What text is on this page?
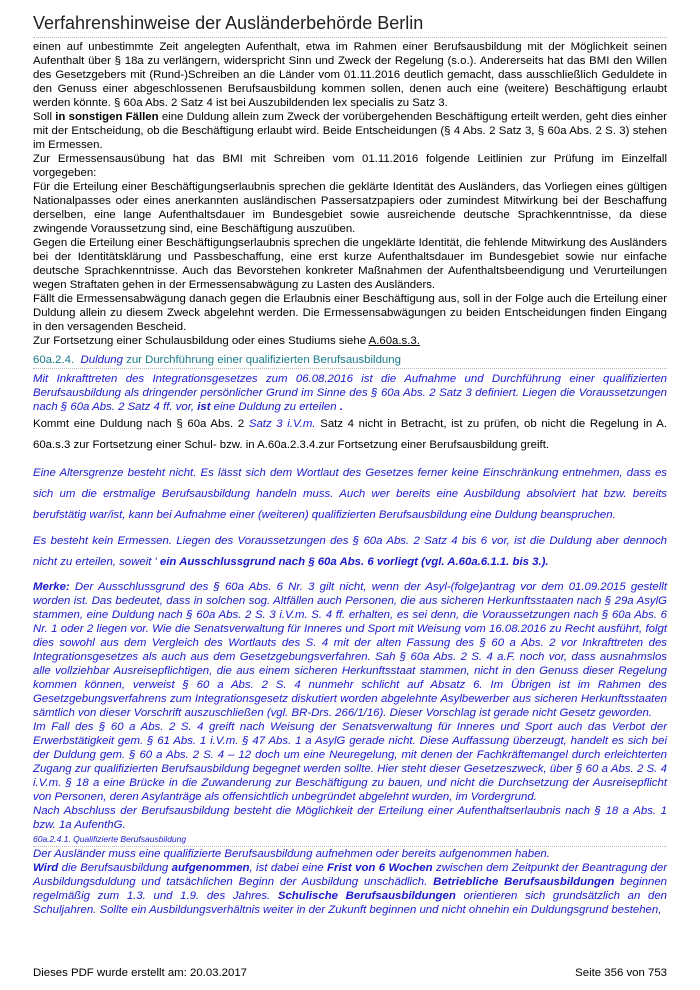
Verfahrenshinweise der Ausländerbehörde Berlin

einen auf unbestimmte Zeit angelegten Aufenthalt, etwa im Rahmen einer Berufsausbildung mit der Möglichkeit seinen Aufenthalt über § 18a zu verlängern, widerspricht Sinn und Zweck der Regelung (s.o.). Andererseits hat das BMI den Willen des Gesetzgebers mit (Rund-)Schreiben an die Länder vom 01.11.2016 deutlich gemacht, dass ausschließlich Geduldete in den Genuss einer abgeschlossenen Berufsausbildung kommen sollen, denen auch eine (weitere) Beschäftigung erlaubt werden könnte. § 60a Abs. 2 Satz 4 ist bei Auszubildenden lex specialis zu Satz 3.

Soll in sonstigen Fällen eine Duldung allein zum Zweck der vorübergehenden Beschäftigung erteilt werden, geht dies einher mit der Entscheidung, ob die Beschäftigung erlaubt wird. Beide Entscheidungen (§ 4 Abs. 2 Satz 3, § 60a Abs. 2 S. 3) stehen im Ermessen.

Zur Ermessensausübung hat das BMI mit Schreiben vom 01.11.2016 folgende Leitlinien zur Prüfung im Einzelfall vorgegeben:

Für die Erteilung einer Beschäftigungserlaubnis sprechen die geklärte Identität des Ausländers, das Vorliegen eines gültigen Nationalpasses oder eines anerkannten ausländischen Passersatzpapiers oder zumindest Mitwirkung bei der Beschaffung derselben, eine lange Aufenthaltsdauer im Bundesgebiet sowie ausreichende deutsche Sprachkenntnisse, da diese zwingende Voraussetzung sind, eine Beschäftigung auszuüben.

Gegen die Erteilung einer Beschäftigungserlaubnis sprechen die ungeklärte Identität, die fehlende Mitwirkung des Ausländers bei der Identitätsklärung und Passbeschaffung, eine erst kurze Aufenthaltsdauer im Bundesgebiet sowie nur einfache deutsche Sprachkenntnisse. Auch das Bevorstehen konkreter Maßnahmen der Aufenthaltsbeendigung und Verurteilungen wegen Straftaten gehen in der Ermessensabwägung zu Lasten des Ausländers.

Fällt die Ermessensabwägung danach gegen die Erlaubnis einer Beschäftigung aus, soll in der Folge auch die Erteilung einer Duldung allein zu diesem Zweck abgelehnt werden. Die Ermessensabwägungen zu beiden Entscheidungen finden Eingang in den versagenden Bescheid.

Zur Fortsetzung einer Schulausbildung oder eines Studiums siehe A.60a.s.3.

60a.2.4. Duldung zur Durchführung einer qualifizierten Berufsausbildung

Mit Inkrafttreten des Integrationsgesetzes zum 06.08.2016 ist die Aufnahme und Durchführung einer qualifizierten Berufsausbildung als dringender persönlicher Grund im Sinne des § 60a Abs. 2 Satz 3 definiert. Liegen die Voraussetzungen nach § 60a Abs. 2 Satz 4 ff. vor, ist eine Duldung zu erteilen .

Kommt eine Duldung nach § 60a Abs. 2 Satz 3 i.V.m. Satz 4 nicht in Betracht, ist zu prüfen, ob nicht die Regelung in A. 60a.s.3 zur Fortsetzung einer Schul- bzw. in A.60a.2.3.4.zur Fortsetzung einer Berufsausbildung greift.

Eine Altersgrenze besteht nicht. Es lässt sich dem Wortlaut des Gesetzes ferner keine Einschränkung entnehmen, dass es sich um die erstmalige Berufsausbildung handeln muss. Auch wer bereits eine Ausbildung absolviert hat bzw. bereits berufstätig war/ist, kann bei Aufnahme einer (weiteren) qualifizierten Berufsausbildung eine Duldung beanspruchen.

Es besteht kein Ermessen. Liegen des Voraussetzungen des § 60a Abs. 2 Satz 4 bis 6 vor, ist die Duldung aber dennoch nicht zu erteilen, soweit ' ein Ausschlussgrund nach § 60a Abs. 6 vorliegt (vgl. A.60a.6.1.1. bis 3.).

Merke: Der Ausschlussgrund des § 60a Abs. 6 Nr. 3 gilt nicht, wenn der Asyl-(folge)antrag vor dem 01.09.2015 gestellt worden ist. Das bedeutet, dass in solchen sog. Altfällen auch Personen, die aus sicheren Herkunftsstaaten nach § 29a AsylG stammen, eine Duldung nach § 60a Abs. 2 S. 3 i.V.m. S. 4 ff. erhalten, es sei denn, die Voraussetzungen nach § 60a Abs. 6 Nr. 1 oder 2 liegen vor. Wie die Senatsverwaltung für Inneres und Sport mit Weisung vom 16.08.2016 zu Recht ausführt, folgt dies sowohl aus dem Vergleich des Wortlauts des S. 4 mit der alten Fassung des § 60 a Abs. 2 vor Inkrafttreten des Integrationsgesetzes als auch aus dem Gesetzgebungsverfahren. Sah § 60a Abs. 2 S. 4 a.F. noch vor, dass ausnahmslos alle vollziehbar Ausreisepflichtigen, die aus einem sicheren Herkunftsstaat stammen, nicht in den Genuss dieser Regelung kommen können, verweist § 60 a Abs. 2 S. 4 nunmehr schlicht auf Absatz 6. Im Übrigen ist im Rahmen des Gesetzgebungsverfahrens zum Integrationsgesetz diskutiert worden abgelehnte Asylbewerber aus sicheren Herkunftsstaaten sämtlich von dieser Vorschrift auszuschließen (vgl. BR-Drs. 266/1/16). Dieser Vorschlag ist gerade nicht Gesetz geworden.

Im Fall des § 60 a Abs. 2 S. 4 greift nach Weisung der Senatsverwaltung für Inneres und Sport auch das Verbot der Erwerbstätigkeit gem. § 61 Abs. 1 i.V.m. § 47 Abs. 1 a AsylG gerade nicht. Diese Auffassung überzeugt, handelt es sich bei der Duldung gem. § 60 a Abs. 2 S. 4 – 12 doch um eine Neuregelung, mit denen der Fachkräftemangel durch erleichterten Zugang zur qualifizierten Berufsausbildung begegnet werden sollte. Hier steht dieser Gesetzeszweck, über § 60 a Abs. 2 S. 4 i.V.m. § 18 a eine Brücke in die Zuwanderung zur Beschäftigung zu bauen, und nicht die Durchsetzung der Ausreisepflicht von Personen, deren Asylanträge als offensichtlich unbegründet abgelehnt wurden, im Vordergrund.

Nach Abschluss der Berufsausbildung besteht die Möglichkeit der Erteilung einer Aufenthaltserlaubnis nach § 18 a Abs. 1 bzw. 1a AufenthG.

60a.2.4.1. Qualifizierte Berufsausbildung

Der Ausländer muss eine qualifizierte Berufsausbildung aufnehmen oder bereits aufgenommen haben.

Wird die Berufsausbildung aufgenommen, ist dabei eine Frist von 6 Wochen zwischen dem Zeitpunkt der Beantragung der Ausbildungsduldung und tatsächlichen Beginn der Ausbildung unschädlich. Betriebliche Berufsausbildungen beginnen regelmäßig zum 1.3. und 1.9. des Jahres. Schulische Berufsausbildungen orientieren sich grundsätzlich an den Schuljahren. Sollte ein Ausbildungsverhältnis weiter in der Zukunft beginnen und nicht ohnehin ein Duldungsgrund bestehen,

Dieses PDF wurde erstellt am: 20.03.2017	Seite 356 von 753
